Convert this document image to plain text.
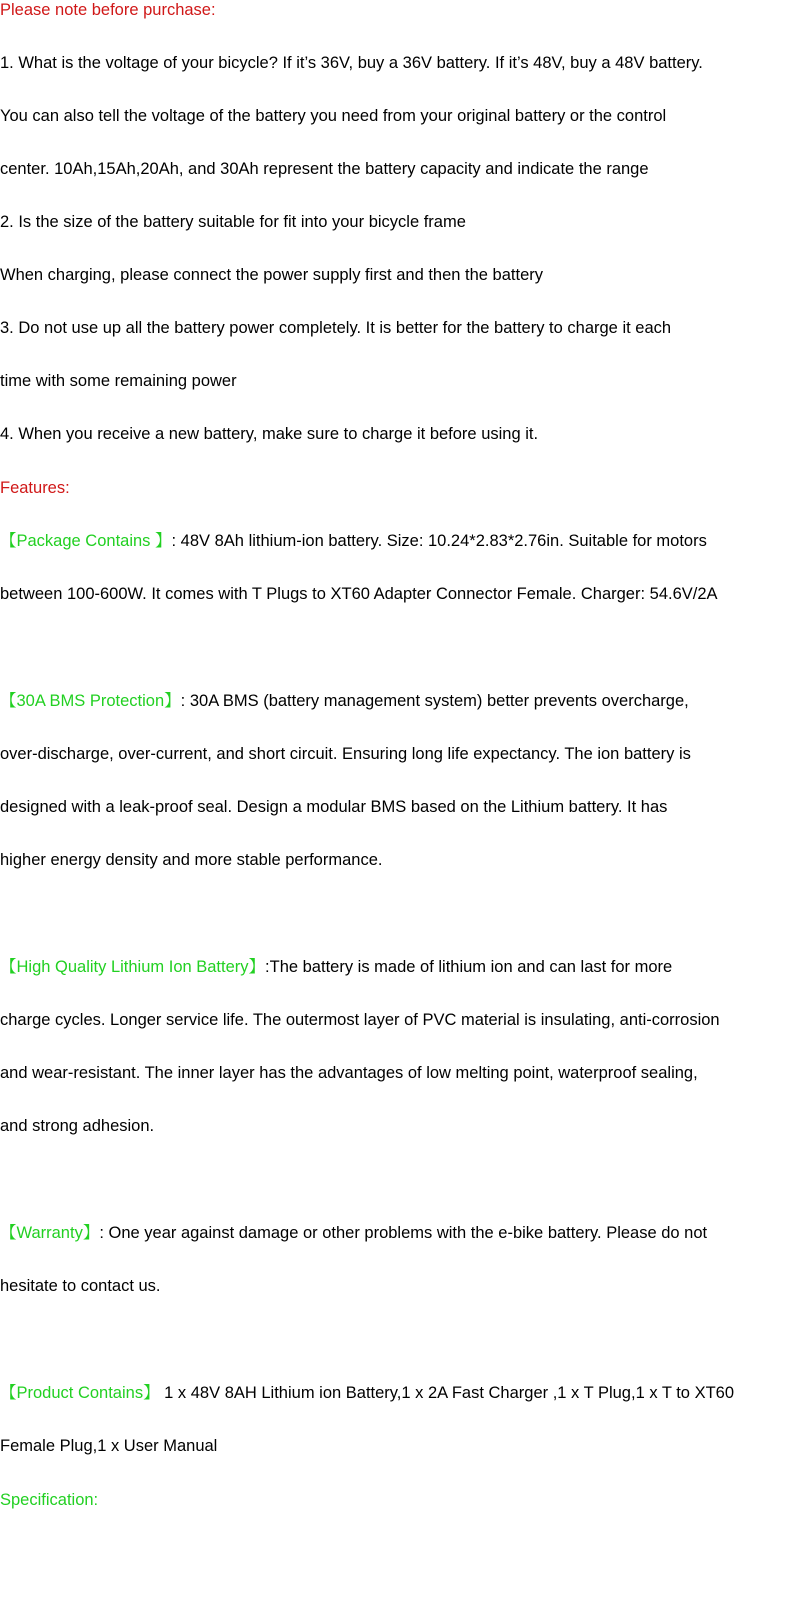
Please note before purchase:
1. What is the voltage of your bicycle? If it’s 36V, buy a 36V battery. If it’s 48V, buy a 48V battery.
You can also tell the voltage of the battery you need from your original battery or the control
center. 10Ah,15Ah,20Ah, and 30Ah represent the battery capacity and indicate the range
2. Is the size of the battery suitable for fit into your bicycle frame
When charging, please connect the power supply first and then the battery
3. Do not use up all the battery power completely. It is better for the battery to charge it each
time with some remaining power
4. When you receive a new battery, make sure to charge it before using it.
Features:
【Package Contains 】: 48V 8Ah lithium-ion battery. Size: 10.24*2.83*2.76in. Suitable for motors
between 100-600W. It comes with T Plugs to XT60 Adapter Connector Female. Charger: 54.6V/2A
【30A BMS Protection】: 30A BMS (battery management system) better prevents overcharge,
over-discharge, over-current, and short circuit. Ensuring long life expectancy. The ion battery is
designed with a leak-proof seal. Design a modular BMS based on the Lithium battery. It has
higher energy density and more stable performance.
【High Quality Lithium Ion Battery】:The battery is made of lithium ion and can last for more
charge cycles. Longer service life. The outermost layer of PVC material is insulating, anti-corrosion
and wear-resistant. The inner layer has the advantages of low melting point, waterproof sealing,
and strong adhesion.
【Warranty】: One year against damage or other problems with the e-bike battery. Please do not
hesitate to contact us.
【Product Contains】 1 x 48V 8AH Lithium ion Battery,1 x 2A Fast Charger ,1 x T Plug,1 x T to XT60
Female Plug,1 x User Manual
Specification:
